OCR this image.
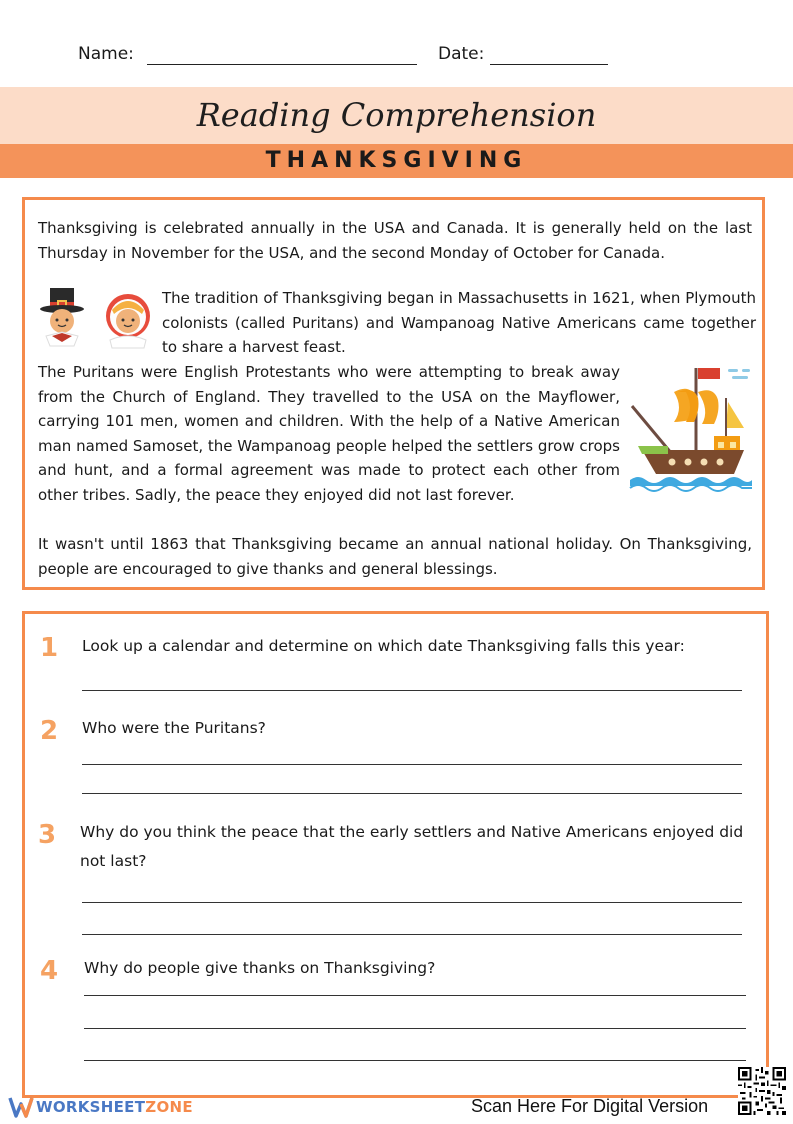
Name:	Date:
Reading Comprehension
THANKSGIVING

Thanksgiving is celebrated annually in the USA and Canada. It is generally held on the last Thursday in November for the USA, and the second Monday of October for Canada.

The tradition of Thanksgiving began in Massachusetts in 1621, when Plymouth colonists (called Puritans) and Wampanoag Native Americans came together to share a harvest feast.

The Puritans were English Protestants who were attempting to break away from the Church of England. They travelled to the USA on the Mayflower, carrying 101 men, women and children. With the help of a Native American man named Samoset, the Wampanoag people helped the settlers grow crops and hunt, and a formal agreement was made to protect each other from other tribes. Sadly, the peace they enjoyed did not last forever.

It wasn't until 1863 that Thanksgiving became an annual national holiday. On Thanksgiving, people are encouraged to give thanks and general blessings.

1 Look up a calendar and determine on which date Thanksgiving falls this year:
2 Who were the Puritans?
3 Why do you think the peace that the early settlers and Native Americans enjoyed did not last?
4 Why do people give thanks on Thanksgiving?
WORKSHEETZONE	Scan Here For Digital Version
